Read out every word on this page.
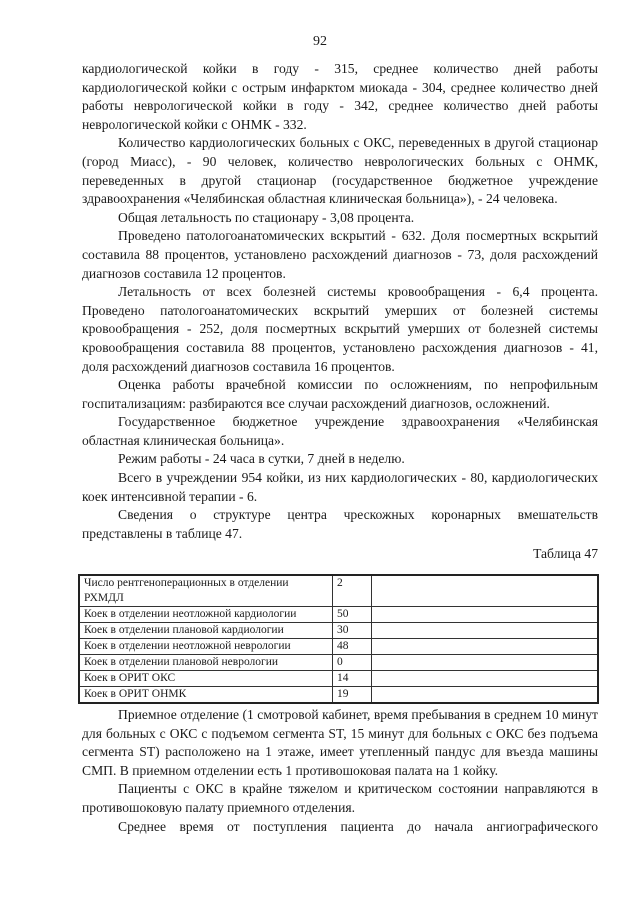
92

кардиологической койки в году - 315, среднее количество дней работы кардиологической койки с острым инфарктом миокада - 304, среднее количество дней работы неврологической койки в году - 342, среднее количество дней работы неврологической койки с ОНМК - 332.

Количество кардиологических больных с ОКС, переведенных в другой стационар (город Миасс), - 90 человек, количество неврологических больных с ОНМК, переведенных в другой стационар (государственное бюджетное учреждение здравоохранения «Челябинская областная клиническая больница»), - 24 человека.

Общая летальность по стационару - 3,08 процента.

Проведено патологоанатомических вскрытий - 632. Доля посмертных вскрытий составила 88 процентов, установлено расхождений диагнозов - 73, доля расхождений диагнозов составила 12 процентов.

Летальность от всех болезней системы кровообращения - 6,4 процента. Проведено патологоанатомических вскрытий умерших от болезней системы кровообращения - 252, доля посмертных вскрытий умерших от болезней системы кровообращения составила 88 процентов, установлено расхождения диагнозов - 41, доля расхождений диагнозов составила 16 процентов.

Оценка работы врачебной комиссии по осложнениям, по непрофильным госпитализациям: разбираются все случаи расхождений диагнозов, осложнений.

Государственное бюджетное учреждение здравоохранения «Челябинская областная клиническая больница».

Режим работы - 24 часа в сутки, 7 дней в неделю.

Всего в учреждении 954 койки, из них кардиологических - 80, кардиологических коек интенсивной терапии - 6.

Сведения о структуре центра чрескожных коронарных вмешательств представлены в таблице 47.

Таблица 47
Число рентгеноперационных в отделении РХМДЛ	2	
Коек в отделении неотложной кардиологии	50	
Коек в отделении плановой кардиологии	30	
Коек в отделении неотложной неврологии	48	
Коек в отделении плановой неврологии	0	
Коек в ОРИТ ОКС	14	
Коек в ОРИТ ОНМК	19	

Приемное отделение (1 смотровой кабинет, время пребывания в среднем 10 минут для больных с ОКС с подъемом сегмента ST, 15 минут для больных с ОКС без подъема сегмента ST) расположено на 1 этаже, имеет утепленный пандус для въезда машины СМП. В приемном отделении есть 1 противошоковая палата на 1 койку.

Пациенты с ОКС в крайне тяжелом и критическом состоянии направляются в противошоковую палату приемного отделения.

Среднее время от поступления пациента до начала ангиографического
